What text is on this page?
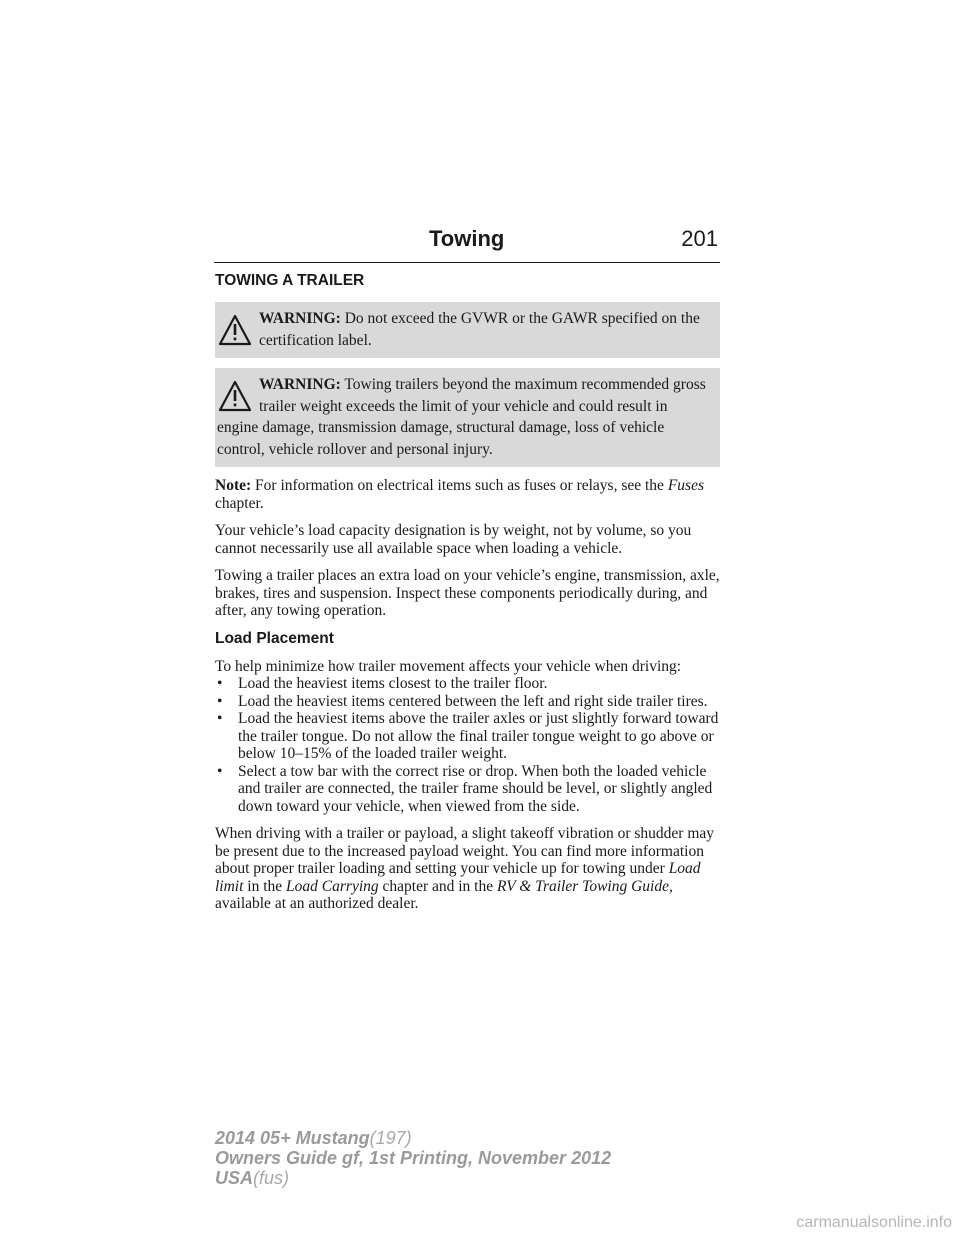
Towing	201
TOWING A TRAILER
WARNING: Do not exceed the GVWR or the GAWR specified on the certification label.
WARNING: Towing trailers beyond the maximum recommended gross trailer weight exceeds the limit of your vehicle and could result in engine damage, transmission damage, structural damage, loss of vehicle control, vehicle rollover and personal injury.

Note: For information on electrical items such as fuses or relays, see the Fuses chapter.

Your vehicle’s load capacity designation is by weight, not by volume, so you cannot necessarily use all available space when loading a vehicle.

Towing a trailer places an extra load on your vehicle’s engine, transmission, axle, brakes, tires and suspension. Inspect these components periodically during, and after, any towing operation.

Load Placement

To help minimize how trailer movement affects your vehicle when driving:

• Load the heaviest items closest to the trailer floor.
• Load the heaviest items centered between the left and right side trailer tires.
• Load the heaviest items above the trailer axles or just slightly forward toward the trailer tongue. Do not allow the final trailer tongue weight to go above or below 10–15% of the loaded trailer weight.
• Select a tow bar with the correct rise or drop. When both the loaded vehicle and trailer are connected, the trailer frame should be level, or slightly angled down toward your vehicle, when viewed from the side.

When driving with a trailer or payload, a slight takeoff vibration or shudder may be present due to the increased payload weight. You can find more information about proper trailer loading and setting your vehicle up for towing under Load limit in the Load Carrying chapter and in the RV & Trailer Towing Guide, available at an authorized dealer.

2014 05+ Mustang(197)
Owners Guide gf, 1st Printing, November 2012
USA(fus)
carmanualsonline.info
